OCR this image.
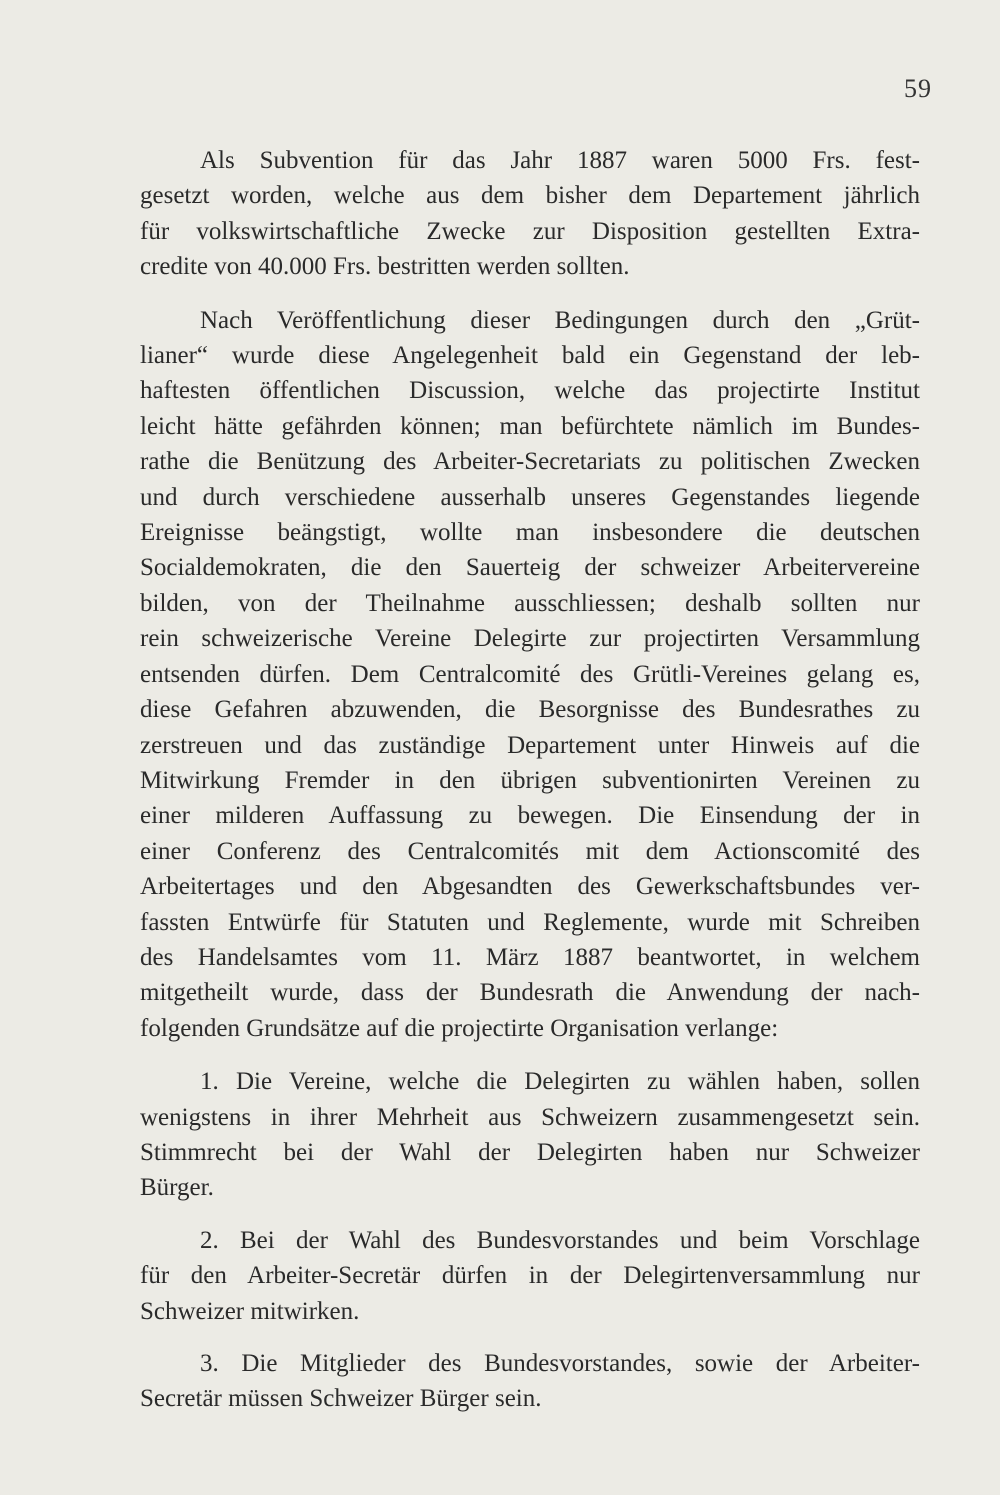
59
Als Subvention für das Jahr 1887 waren 5000 Frs. fest-
gesetzt worden, welche aus dem bisher dem Departement jährlich
für volkswirtschaftliche Zwecke zur Disposition gestellten Extra-
credite von 40.000 Frs. bestritten werden sollten.
Nach Veröffentlichung dieser Bedingungen durch den „Grüt-
lianer“ wurde diese Angelegenheit bald ein Gegenstand der leb-
haftesten öffentlichen Discussion, welche das projectirte Institut
leicht hätte gefährden können; man befürchtete nämlich im Bundes-
rathe die Benützung des Arbeiter-Secretariats zu politischen Zwecken
und durch verschiedene ausserhalb unseres Gegenstandes liegende
Ereignisse beängstigt, wollte man insbesondere die deutschen
Socialdemokraten, die den Sauerteig der schweizer Arbeitervereine
bilden, von der Theilnahme ausschliessen; deshalb sollten nur
rein schweizerische Vereine Delegirte zur projectirten Versammlung
entsenden dürfen. Dem Centralcomité des Grütli-Vereines gelang es,
diese Gefahren abzuwenden, die Besorgnisse des Bundesrathes zu
zerstreuen und das zuständige Departement unter Hinweis auf die
Mitwirkung Fremder in den übrigen subventionirten Vereinen zu
einer milderen Auffassung zu bewegen. Die Einsendung der in
einer Conferenz des Centralcomités mit dem Actionscomité des
Arbeitertages und den Abgesandten des Gewerkschaftsbundes ver-
fassten Entwürfe für Statuten und Reglemente, wurde mit Schreiben
des Handelsamtes vom 11. März 1887 beantwortet, in welchem
mitgetheilt wurde, dass der Bundesrath die Anwendung der nach-
folgenden Grundsätze auf die projectirte Organisation verlange:
1. Die Vereine, welche die Delegirten zu wählen haben, sollen
wenigstens in ihrer Mehrheit aus Schweizern zusammengesetzt sein.
Stimmrecht bei der Wahl der Delegirten haben nur Schweizer
Bürger.
2. Bei der Wahl des Bundesvorstandes und beim Vorschlage
für den Arbeiter-Secretär dürfen in der Delegirtenversammlung nur
Schweizer mitwirken.
3. Die Mitglieder des Bundesvorstandes, sowie der Arbeiter-
Secretär müssen Schweizer Bürger sein.
